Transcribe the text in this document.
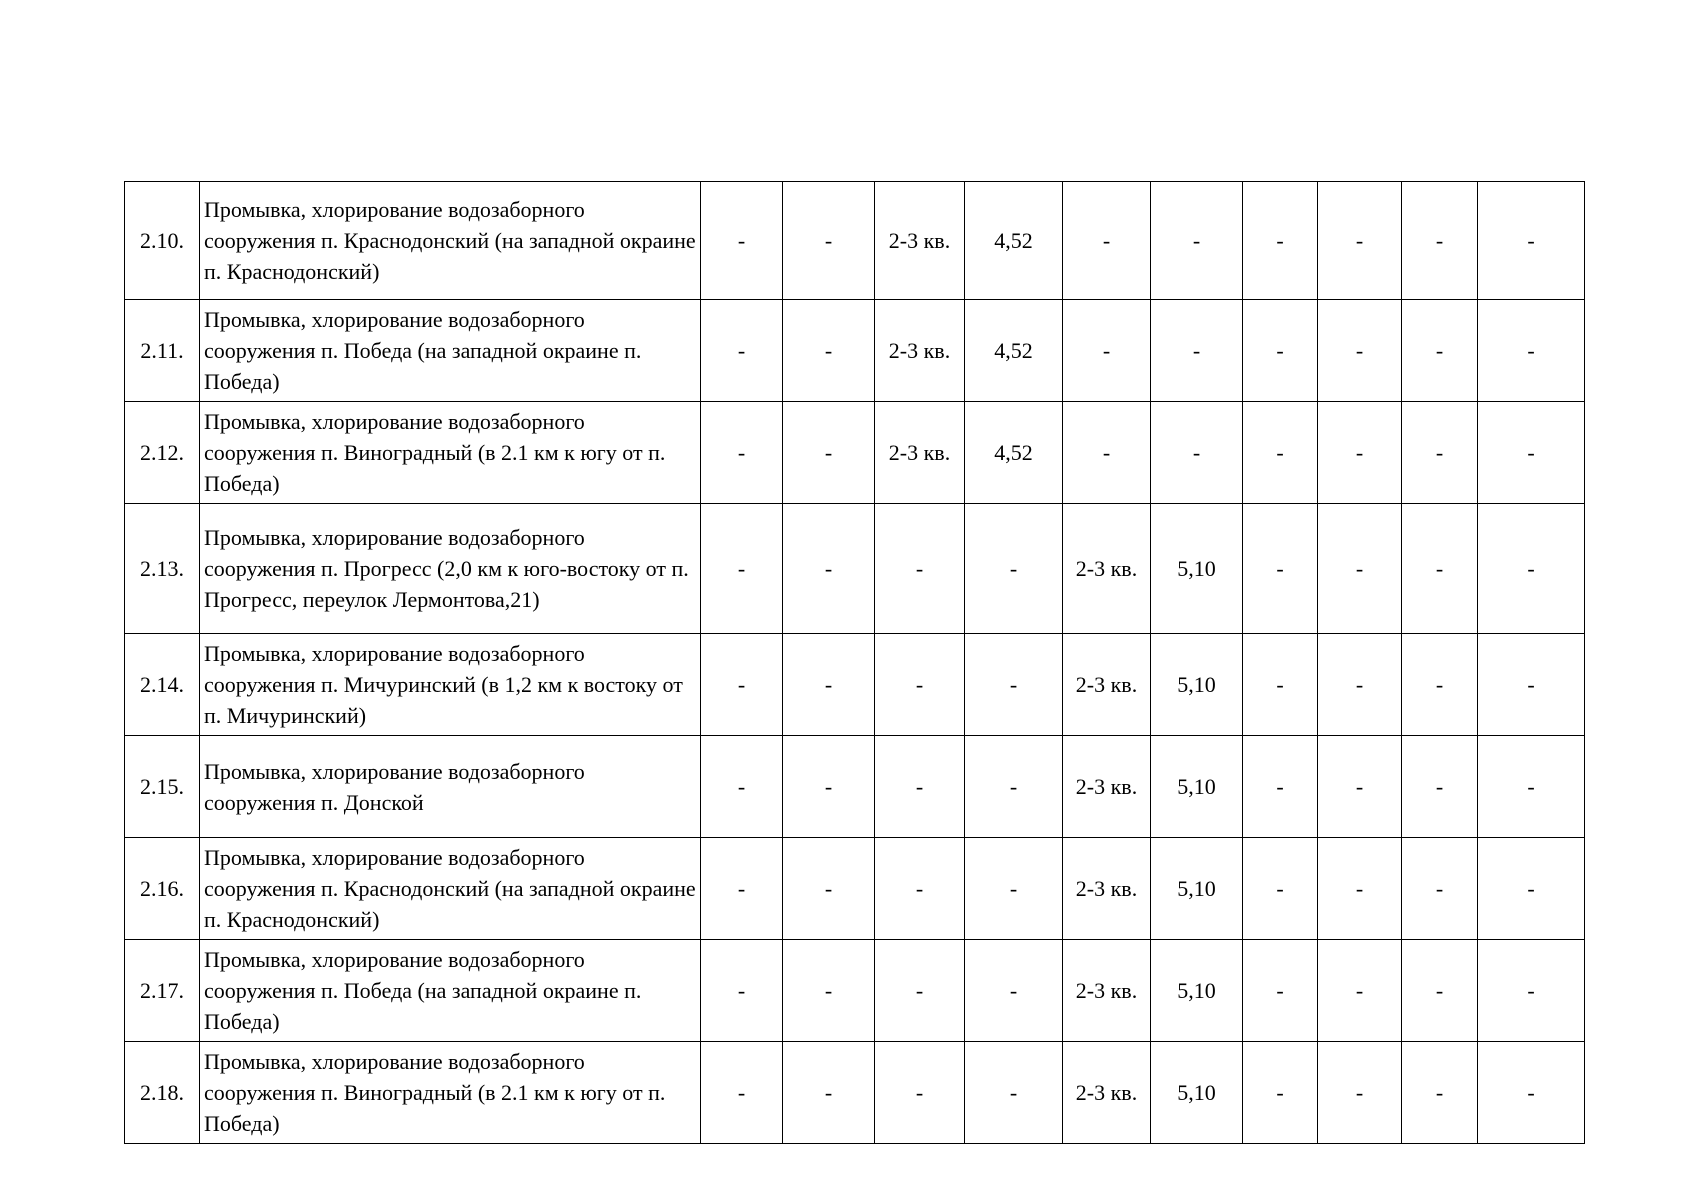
2.10.	Промывка, хлорирование водозаборного сооружения п. Краснодонский (на западной окраине п. Краснодонский)	-	-	2-3 кв.	4,52	-	-	-	-	-	-
2.11.	Промывка, хлорирование водозаборного сооружения п. Победа (на западной окраине п. Победа)	-	-	2-3 кв.	4,52	-	-	-	-	-	-
2.12.	Промывка, хлорирование водозаборного сооружения п. Виноградный (в 2.1 км к югу от п. Победа)	-	-	2-3 кв.	4,52	-	-	-	-	-	-
2.13.	Промывка, хлорирование водозаборного сооружения п. Прогресс (2,0 км к юго-востоку от п. Прогресс, переулок Лермонтова,21)	-	-	-	-	2-3 кв.	5,10	-	-	-	-
2.14.	Промывка, хлорирование водозаборного сооружения п. Мичуринский (в 1,2 км к востоку от п. Мичуринский)	-	-	-	-	2-3 кв.	5,10	-	-	-	-
2.15.	Промывка, хлорирование водозаборного сооружения п. Донской	-	-	-	-	2-3 кв.	5,10	-	-	-	-
2.16.	Промывка, хлорирование водозаборного сооружения п. Краснодонский (на западной окраине п. Краснодонский)	-	-	-	-	2-3 кв.	5,10	-	-	-	-
2.17.	Промывка, хлорирование водозаборного сооружения п. Победа (на западной окраине п. Победа)	-	-	-	-	2-3 кв.	5,10	-	-	-	-
2.18.	Промывка, хлорирование водозаборного сооружения п. Виноградный (в 2.1 км к югу от п. Победа)	-	-	-	-	2-3 кв.	5,10	-	-	-	-
